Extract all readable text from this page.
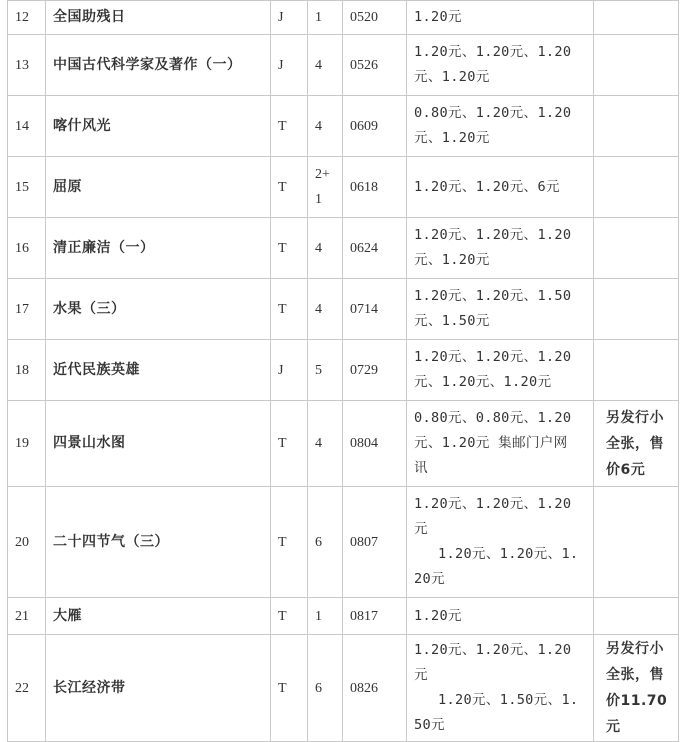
12	全国助残日	J	1	0520	1.20元	

13	中国古代科学家及著作（一）	J	4	0526	1.20元、1.20元、1.20
元、1.20元	

14	喀什风光	T	4	0609	0.80元、1.20元、1.20
元、1.20元	

15	屈原	T	2+
1	0618	1.20元、1.20元、6元	

16	清正廉洁（一）	T	4	0624	1.20元、1.20元、1.20
元、1.20元	

17	水果（三）	T	4	0714	1.20元、1.20元、1.50
元、1.50元	

18	近代民族英雄	J	5	0729	1.20元、1.20元、1.20
元、1.20元、1.20元	

19	四景山水图	T	4	0804	0.80元、0.80元、1.20
元、1.20元 集邮门户网
讯	另发行小全张，售价6元
20	二十四节气（三）	T	6	0807	1.20元、1.20元、1.20
元
1.20元、1.20元、1.
20元	

21	大雁	T	1	0817	1.20元	

22	长江经济带	T	6	0826	1.20元、1.20元、1.20
元
1.20元、1.50元、1.
50元	另发行小全张，售价11.70元
